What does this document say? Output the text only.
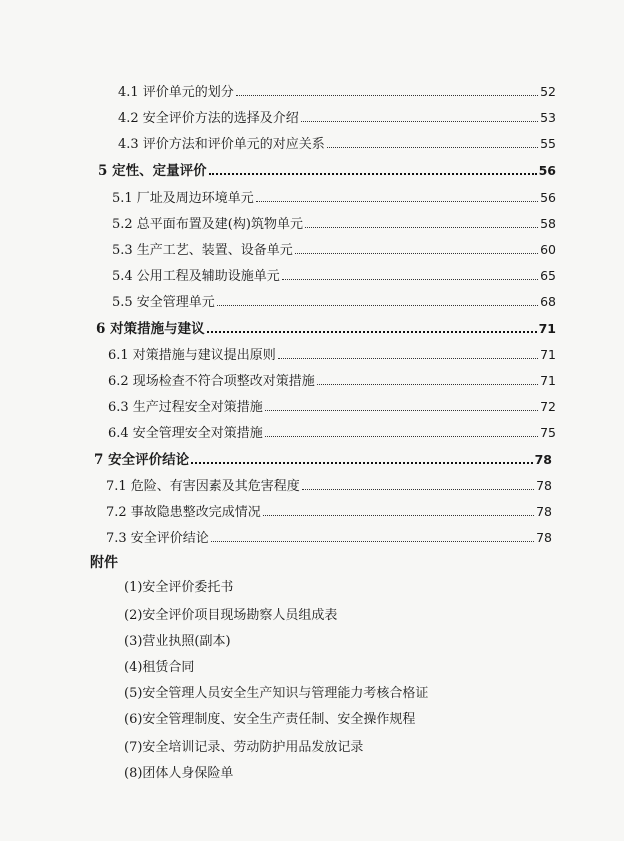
4.1 评价单元的划分	52
4.2 安全评价方法的选择及介绍	53
4.3 评价方法和评价单元的对应关系	55
5 定性、定量评价	56
5.1 厂址及周边环境单元	56
5.2 总平面布置及建(构)筑物单元	58
5.3 生产工艺、装置、设备单元	60
5.4 公用工程及辅助设施单元	65
5.5 安全管理单元	68
6 对策措施与建议	71
6.1 对策措施与建议提出原则	71
6.2 现场检查不符合项整改对策措施	71
6.3 生产过程安全对策措施	72
6.4 安全管理安全对策措施	75
7 安全评价结论	78
7.1 危险、有害因素及其危害程度	78
7.2 事故隐患整改完成情况	78
7.3 安全评价结论	78
附件
(1)安全评价委托书
(2)安全评价项目现场勘察人员组成表
(3)营业执照(副本)
(4)租赁合同
(5)安全管理人员安全生产知识与管理能力考核合格证
(6)安全管理制度、安全生产责任制、安全操作规程
(7)安全培训记录、劳动防护用品发放记录
(8)团体人身保险单
